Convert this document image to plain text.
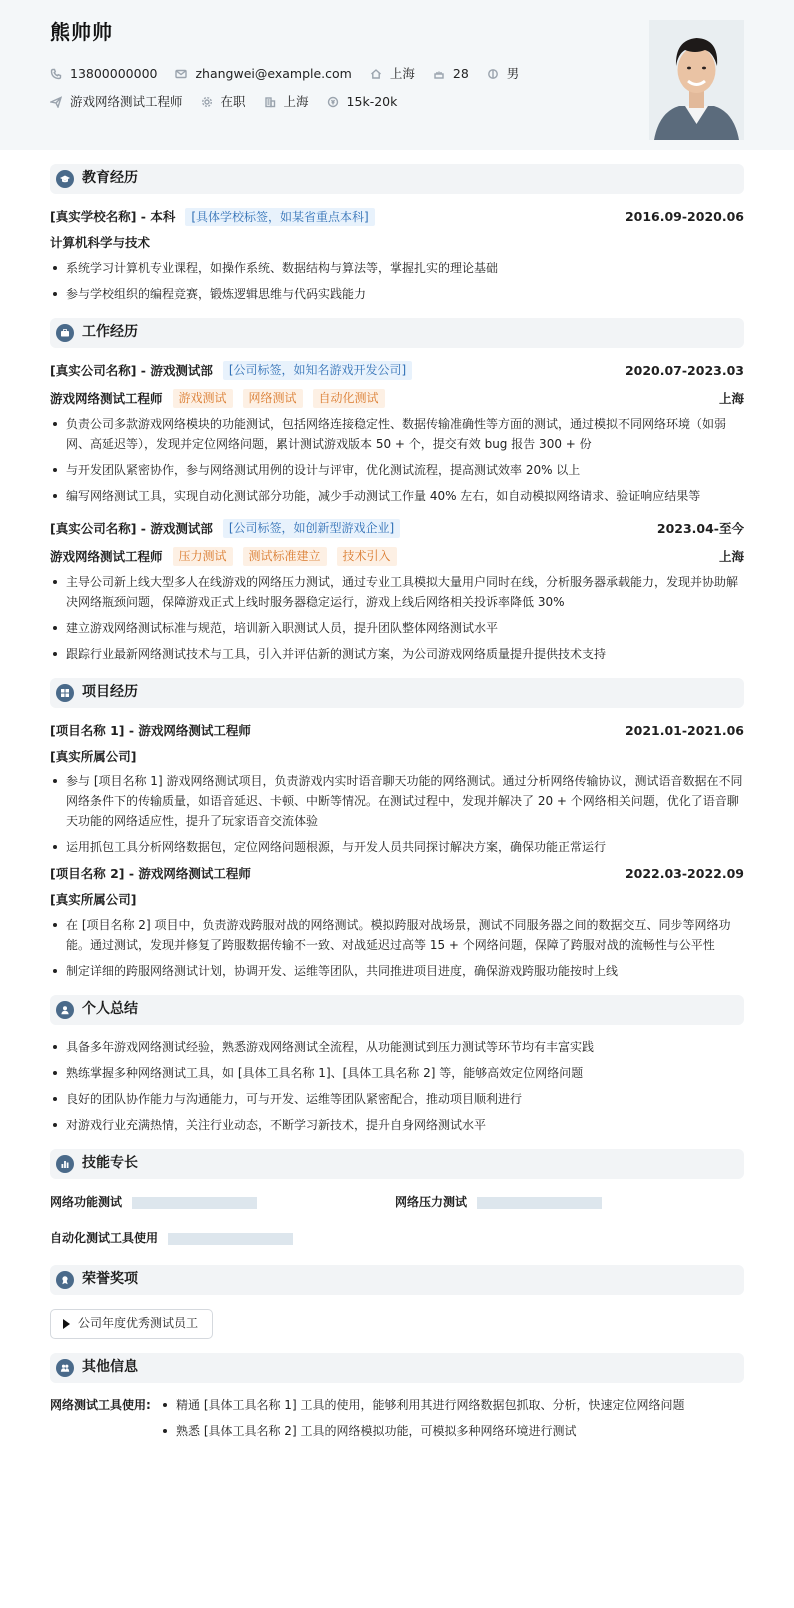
熊帅帅
13800000000	zhangwei@example.com	上海	28	男
游戏网络测试工程师	在职	上海	15k-20k
教育经历
[真实学校名称] - 本科	[具体学校标签，如某省重点本科]	2016.09-2020.06
计算机科学与技术
系统学习计算机专业课程，如操作系统、数据结构与算法等，掌握扎实的理论基础
参与学校组织的编程竞赛，锻炼逻辑思维与代码实践能力
工作经历
[真实公司名称] - 游戏测试部	[公司标签，如知名游戏开发公司]	2020.07-2023.03
游戏网络测试工程师	游戏测试	网络测试	自动化测试	上海
负责公司多款游戏网络模块的功能测试，包括网络连接稳定性、数据传输准确性等方面的测试，通过模拟不同网络环境（如弱网、高延迟等），发现并定位网络问题，累计测试游戏版本 50 + 个，提交有效 bug 报告 300 + 份
与开发团队紧密协作，参与网络测试用例的设计与评审，优化测试流程，提高测试效率 20% 以上
编写网络测试工具，实现自动化测试部分功能，减少手动测试工作量 40% 左右，如自动模拟网络请求、验证响应结果等
[真实公司名称] - 游戏测试部	[公司标签，如创新型游戏企业]	2023.04-至今
游戏网络测试工程师	压力测试	测试标准建立	技术引入	上海
主导公司新上线大型多人在线游戏的网络压力测试，通过专业工具模拟大量用户同时在线，分析服务器承载能力，发现并协助解决网络瓶颈问题，保障游戏正式上线时服务器稳定运行，游戏上线后网络相关投诉率降低 30%
建立游戏网络测试标准与规范，培训新入职测试人员，提升团队整体网络测试水平
跟踪行业最新网络测试技术与工具，引入并评估新的测试方案，为公司游戏网络质量提升提供技术支持
项目经历
[项目名称 1] - 游戏网络测试工程师	2021.01-2021.06
[真实所属公司]
参与 [项目名称 1] 游戏网络测试项目，负责游戏内实时语音聊天功能的网络测试。通过分析网络传输协议，测试语音数据在不同网络条件下的传输质量，如语音延迟、卡顿、中断等情况。在测试过程中，发现并解决了 20 + 个网络相关问题，优化了语音聊天功能的网络适应性，提升了玩家语音交流体验
运用抓包工具分析网络数据包，定位网络问题根源，与开发人员共同探讨解决方案，确保功能正常运行
[项目名称 2] - 游戏网络测试工程师	2022.03-2022.09
[真实所属公司]
在 [项目名称 2] 项目中，负责游戏跨服对战的网络测试。模拟跨服对战场景，测试不同服务器之间的数据交互、同步等网络功能。通过测试，发现并修复了跨服数据传输不一致、对战延迟过高等 15 + 个网络问题，保障了跨服对战的流畅性与公平性
制定详细的跨服网络测试计划，协调开发、运维等团队，共同推进项目进度，确保游戏跨服功能按时上线
个人总结
具备多年游戏网络测试经验，熟悉游戏网络测试全流程，从功能测试到压力测试等环节均有丰富实践
熟练掌握多种网络测试工具，如 [具体工具名称 1]、[具体工具名称 2] 等，能够高效定位网络问题
良好的团队协作能力与沟通能力，可与开发、运维等团队紧密配合，推动项目顺利进行
对游戏行业充满热情，关注行业动态，不断学习新技术，提升自身网络测试水平
技能专长
网络功能测试	网络压力测试
自动化测试工具使用
荣誉奖项
公司年度优秀测试员工
其他信息
网络测试工具使用:	精通 [具体工具名称 1] 工具的使用，能够利用其进行网络数据包抓取、分析，快速定位网络问题
熟悉 [具体工具名称 2] 工具的网络模拟功能，可模拟多种网络环境进行测试
